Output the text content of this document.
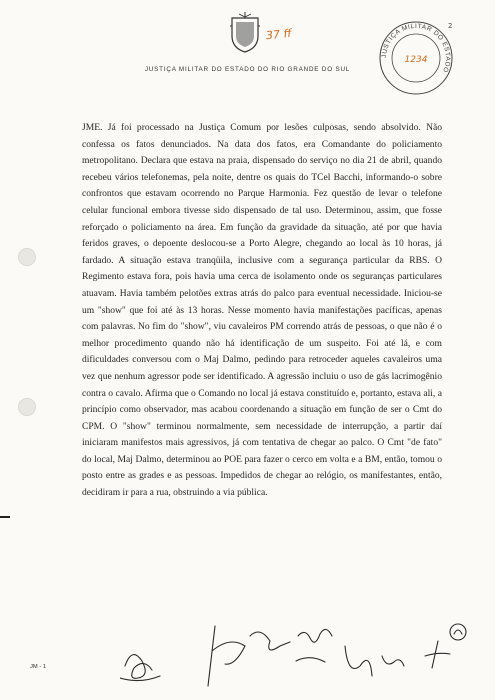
37 ff
JUSTIÇA MILITAR DO ESTADO DO RIO GRANDE DO SUL
JUSTIÇA MILITAR DO ESTADO
1234
2
JME. Já foi processado na Justiça Comum por lesões culposas, sendo absolvido. Não confessa os fatos denunciados. Na data dos fatos, era Comandante do policiamento metropolitano. Declara que estava na praia, dispensado do serviço no dia 21 de abril, quando recebeu vários telefonemas, pela noite, dentre os quais do TCel Bacchi, informando-o sobre confrontos que estavam ocorrendo no Parque Harmonia. Fez questão de levar o telefone celular funcional embora tivesse sido dispensado de tal uso. Determinou, assim, que fosse reforçado o policiamento na área. Em função da gravidade da situação, até por que havia feridos graves, o depoente deslocou-se a Porto Alegre, chegando ao local às 10 horas, já fardado. A situação estava tranqüila, inclusive com a segurança particular da RBS. O Regimento estava fora, pois havia uma cerca de isolamento onde os seguranças particulares atuavam. Havia também pelotões extras atrás do palco para eventual necessidade. Iniciou-se um "show" que foi até às 13 horas. Nesse momento havia manifestações pacíficas, apenas com palavras. No fim do "show", viu cavaleiros PM correndo atrás de pessoas, o que não é o melhor procedimento quando não há identificação de um suspeito. Foi até lá, e com dificuldades conversou com o Maj Dalmo, pedindo para retroceder aqueles cavaleiros uma vez que nenhum agressor pode ser identificado. A agressão incluiu o uso de gás lacrimogênio contra o cavalo. Afirma que o Comando no local já estava constituído e, portanto, estava ali, a princípio como observador, mas acabou coordenando a situação em função de ser o Cmt do CPM. O "show" terminou normalmente, sem necessidade de interrupção, a partir daí iniciaram manifestos mais agressivos, já com tentativa de chegar ao palco. O Cmt "de fato" do local, Maj Dalmo, determinou ao POE para fazer o cerco em volta e a BM, então, tomou o posto entre as grades e as pessoas. Impedidos de chegar ao relógio, os manifestantes, então, decidiram ir para a rua, obstruindo a via pública.
JM - 1
